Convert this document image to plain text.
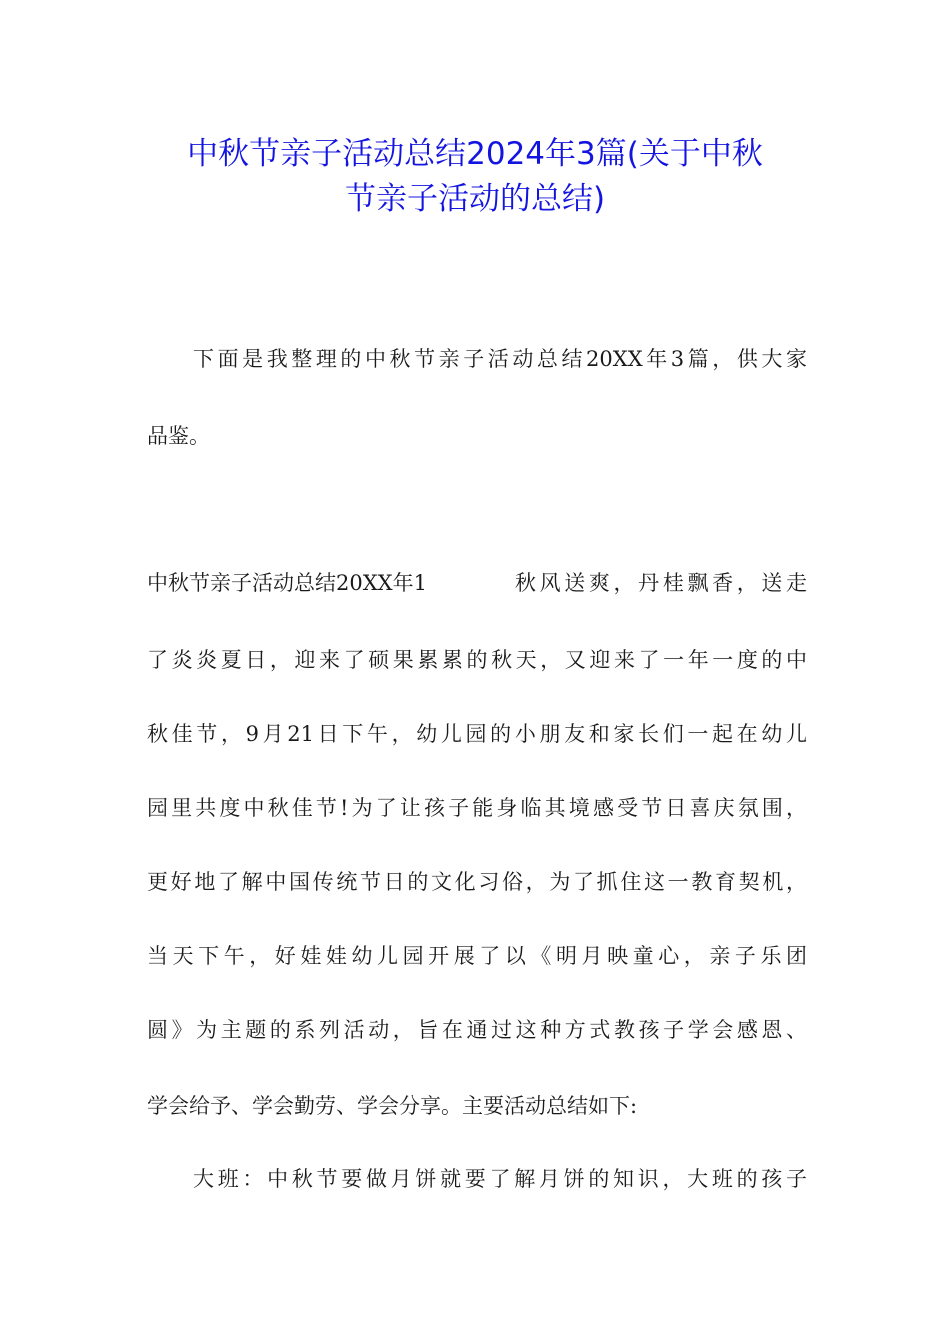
中秋节亲子活动总结2024年3篇(关于中秋
节亲子活动的总结)

下面是我整理的中秋节亲子活动总结20XX年3篇，供大家

品鉴。

中秋节亲子活动总结20XX年1	秋风送爽，丹桂飘香，送走

了炎炎夏日，迎来了硕果累累的秋天，又迎来了一年一度的中

秋佳节，9月21日下午，幼儿园的小朋友和家长们一起在幼儿

园里共度中秋佳节!为了让孩子能身临其境感受节日喜庆氛围，

更好地了解中国传统节日的文化习俗，为了抓住这一教育契机，

当天下午，好娃娃幼儿园开展了以《明月映童心，亲子乐团

圆》为主题的系列活动，旨在通过这种方式教孩子学会感恩、

学会给予、学会勤劳、学会分享。主要活动总结如下:

大班：中秋节要做月饼就要了解月饼的知识，大班的孩子
